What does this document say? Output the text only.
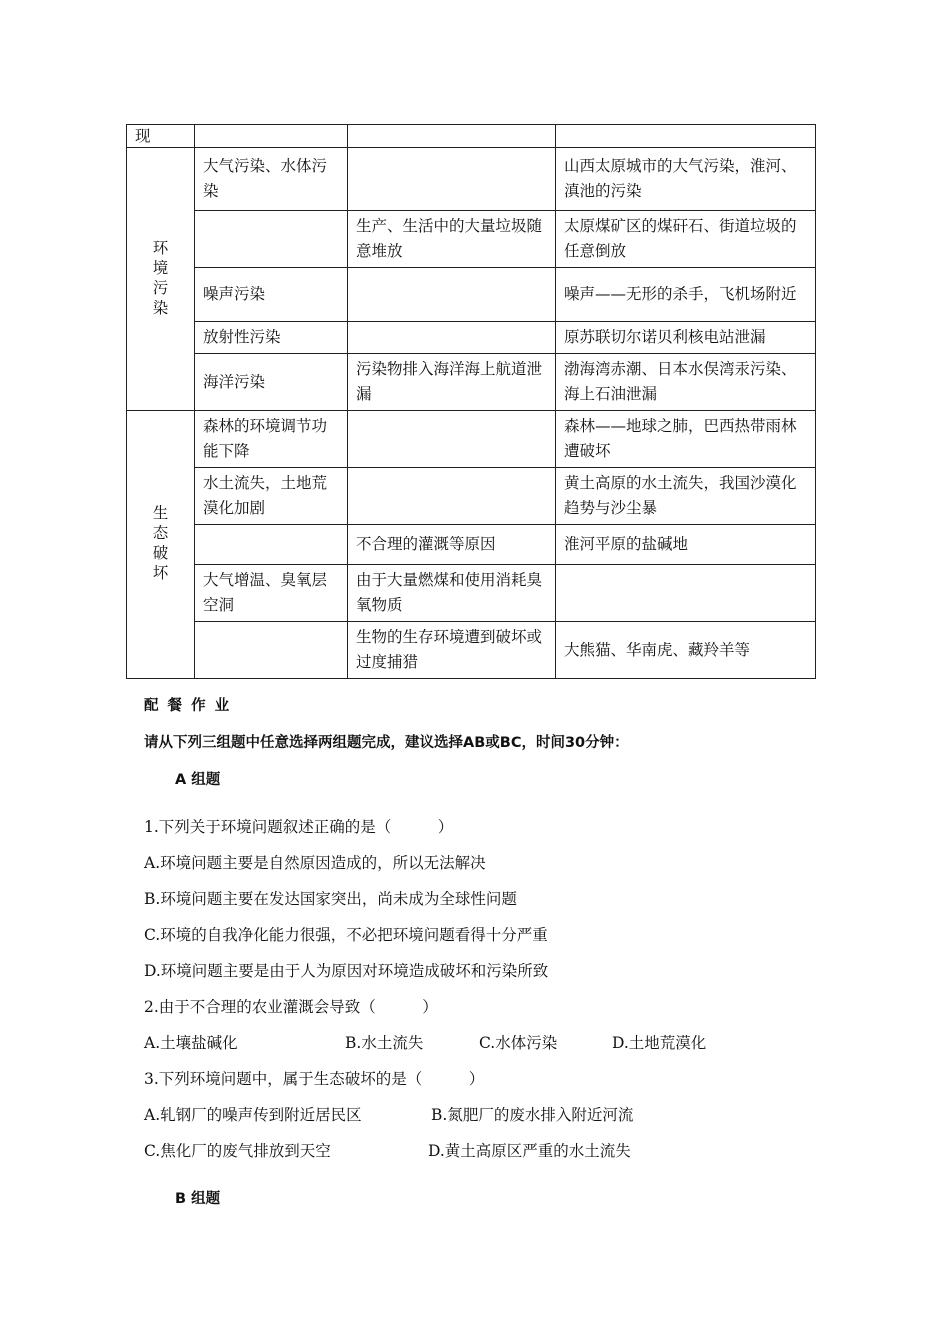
现			
环境污染	大气污染、水体污染		山西太原城市的大气污染，淮河、滇池的污染
		生产、生活中的大量垃圾随意堆放	太原煤矿区的煤矸石、街道垃圾的任意倒放
	噪声污染		噪声——无形的杀手，飞机场附近
	放射性污染		原苏联切尔诺贝利核电站泄漏
	海洋污染	污染物排入海洋海上航道泄漏	渤海湾赤潮、日本水俣湾汞污染、海上石油泄漏
生态破坏	森林的环境调节功能下降		森林——地球之肺，巴西热带雨林遭破坏
	水土流失，土地荒漠化加剧		黄土高原的水土流失，我国沙漠化趋势与沙尘暴
		不合理的灌溉等原因	淮河平原的盐碱地
	大气增温、臭氧层空洞	由于大量燃煤和使用消耗臭氧物质	
		生物的生存环境遭到破坏或过度捕猎	大熊猫、华南虎、藏羚羊等
配 餐 作 业
请从下列三组题中任意选择两组题完成，建议选择AB或BC，时间30分钟：
A 组题
1.下列关于环境问题叙述正确的是（　　　）
A.环境问题主要是自然原因造成的，所以无法解决
B.环境问题主要在发达国家突出，尚未成为全球性问题
C.环境的自我净化能力很强，不必把环境问题看得十分严重
D.环境问题主要是由于人为原因对环境造成破坏和污染所致
2.由于不合理的农业灌溉会导致（　　　）
A.土壤盐碱化	B.水土流失	C.水体污染	D.土地荒漠化
3.下列环境问题中，属于生态破坏的是（　　　）
A.轧钢厂的噪声传到附近居民区	B.氮肥厂的废水排入附近河流
C.焦化厂的废气排放到天空	D.黄土高原区严重的水土流失
B 组题
